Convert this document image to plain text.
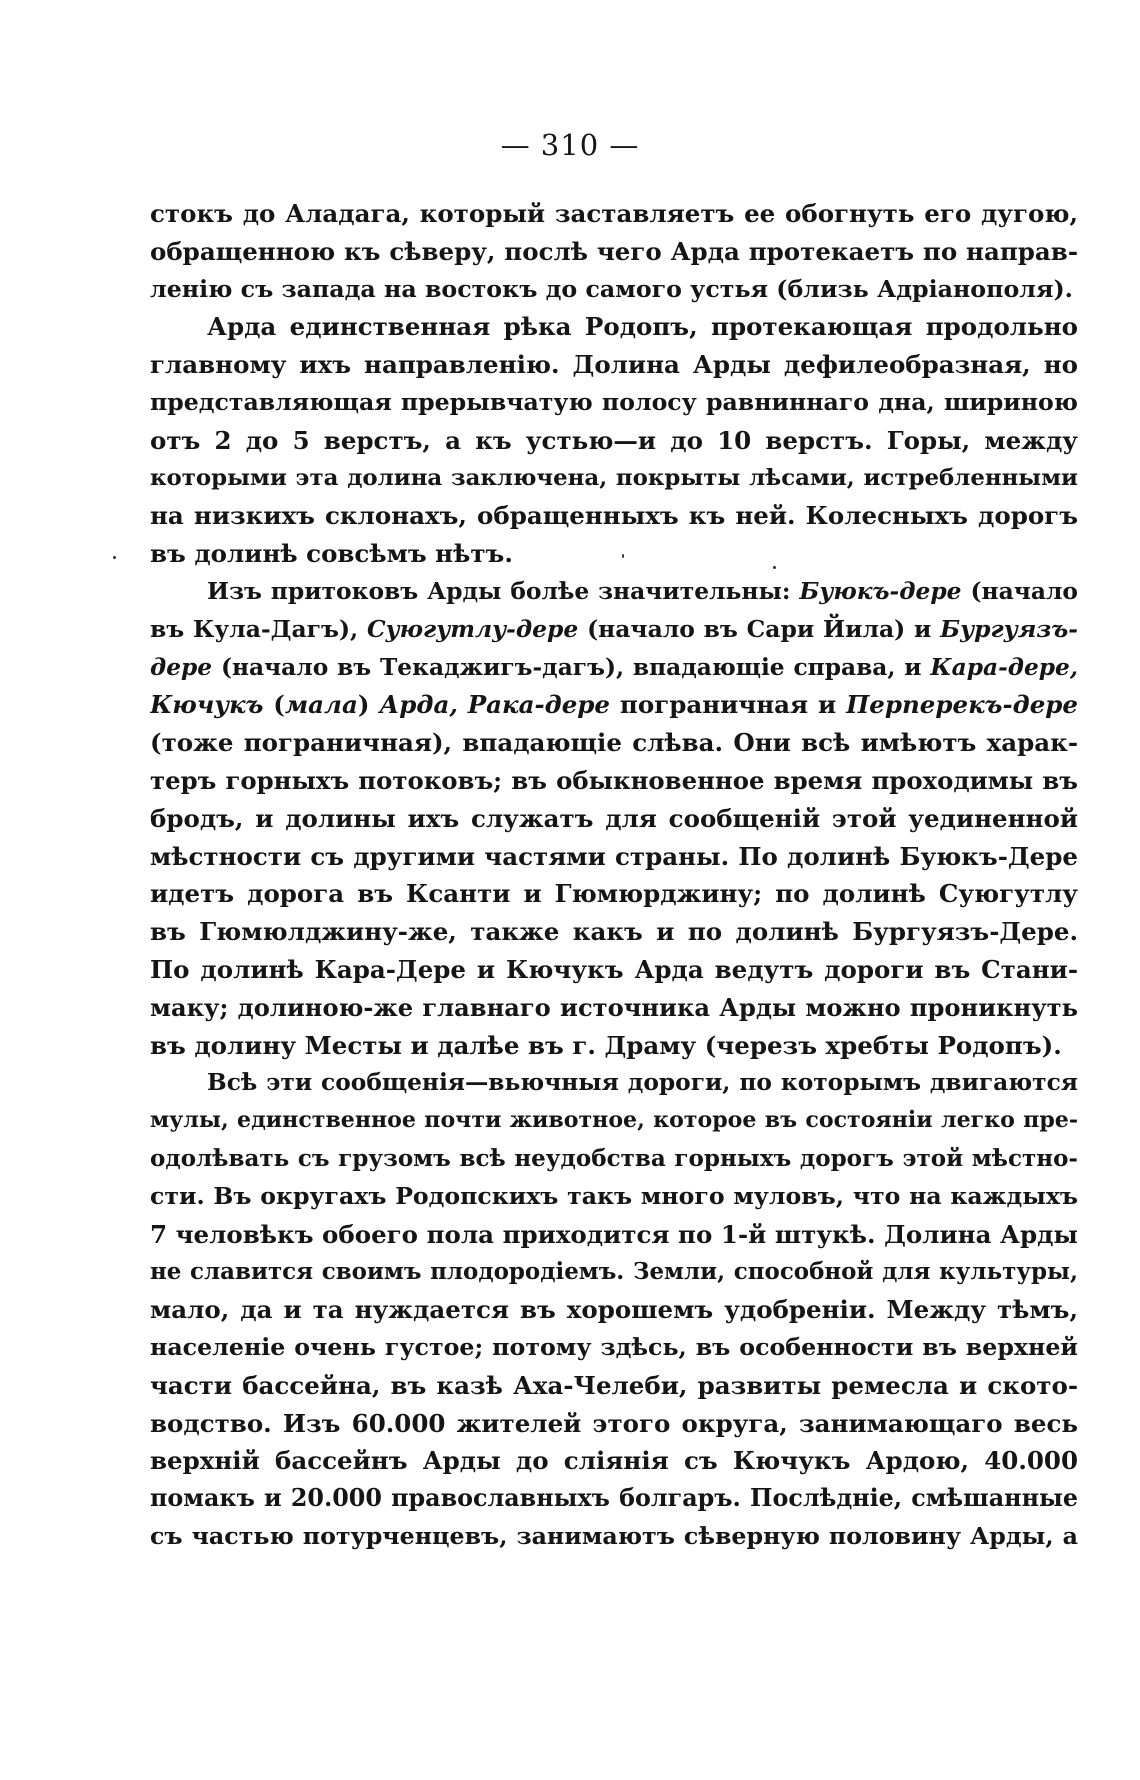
— 310 —
стокъ до Аладага, который заставляетъ ее обогнуть его дугою,
обращенною къ сѣверу, послѣ чего Арда протекаетъ по направ-
ленію съ запада на востокъ до самого устья (близь Адріанополя).
Арда единственная рѣка Родопъ, протекающая продольно
главному ихъ направленію. Долина Арды дефилеобразная, но
представляющая прерывчатую полосу равниннаго дна, шириною
отъ 2 до 5 верстъ, а къ устью—и до 10 верстъ. Горы, между
которыми эта долина заключена, покрыты лѣсами, истребленными
на низкихъ склонахъ, обращенныхъ къ ней. Колесныхъ дорогъ
въ долинѣ совсѣмъ нѣтъ.
Изъ притоковъ Арды болѣе значительны: Буюкъ-дере (начало
въ Кула-Дагъ), Суюгутлу-дере (начало въ Сари Йила) и Бургуязъ-
дере (начало въ Текаджигъ-дагъ), впадающіе справа, и Кара-дере,
Кючукъ (мала) Арда, Рака-дере пограничная и Перперекъ-дере
(тоже пограничная), впадающіе слѣва. Они всѣ имѣютъ харак-
теръ горныхъ потоковъ; въ обыкновенное время проходимы въ
бродъ, и долины ихъ служатъ для сообщеній этой уединенной
мѣстности съ другими частями страны. По долинѣ Буюкъ-Дере
идетъ дорога въ Ксанти и Гюмюрджину; по долинѣ Суюгутлу
въ Гюмюлджину-же, также какъ и по долинѣ Бургуязъ-Дере.
По долинѣ Кара-Дере и Кючукъ Арда ведутъ дороги въ Стани-
маку; долиною-же главнаго источника Арды можно проникнуть
въ долину Месты и далѣе въ г. Драму (черезъ хребты Родопъ).
Всѣ эти сообщенія—вьючныя дороги, по которымъ двигаются
мулы, единственное почти животное, которое въ состояніи легко пре-
одолѣвать съ грузомъ всѣ неудобства горныхъ дорогъ этой мѣстно-
сти. Въ округахъ Родопскихъ такъ много муловъ, что на каждыхъ
7 человѣкъ обоего пола приходится по 1-й штукѣ. Долина Арды
не славится своимъ плодородіемъ. Земли, способной для культуры,
мало, да и та нуждается въ хорошемъ удобреніи. Между тѣмъ,
населеніе очень густое; потому здѣсь, въ особенности въ верхней
части бассейна, въ казѣ Аха-Челеби, развиты ремесла и ското-
водство. Изъ 60.000 жителей этого округа, занимающаго весь
верхній бассейнъ Арды до сліянія съ Кючукъ Ардою, 40.000
помакъ и 20.000 православныхъ болгаръ. Послѣдніе, смѣшанные
съ частью потурченцевъ, занимаютъ сѣверную половину Арды, а
